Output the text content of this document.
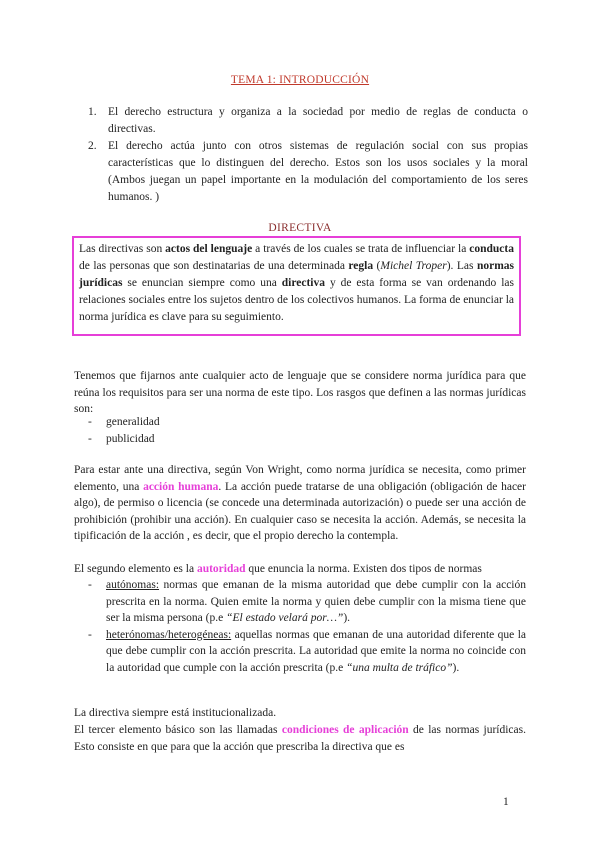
TEMA 1: INTRODUCCIÓN
1. El derecho estructura y organiza a la sociedad por medio de reglas de conducta o directivas.
2. El derecho actúa junto con otros sistemas de regulación social con sus propias características que lo distinguen del derecho. Estos son los usos sociales y la moral (Ambos juegan un papel importante en la modulación del comportamiento de los seres humanos. )
DIRECTIVA
Las directivas son actos del lenguaje a través de los cuales se trata de influenciar la conducta de las personas que son destinatarias de una determinada regla (Michel Troper). Las normas jurídicas se enuncian siempre como una directiva y de esta forma se van ordenando las relaciones sociales entre los sujetos dentro de los colectivos humanos. La forma de enunciar la norma jurídica es clave para su seguimiento.

Tenemos que fijarnos ante cualquier acto de lenguaje que se considere norma jurídica para que reúna los requisitos para ser una norma de este tipo. Los rasgos que definen a las normas jurídicas son:

- generalidad
- publicidad

Para estar ante una directiva, según Von Wright, como norma jurídica se necesita, como primer elemento, una acción humana. La acción puede tratarse de una obligación (obligación de hacer algo), de permiso o licencia (se concede una determinada autorización) o puede ser una acción de prohibición (prohibir una acción). En cualquier caso se necesita la acción. Además, se necesita la tipificación de la acción , es decir, que el propio derecho la contempla.

El segundo elemento es la autoridad que enuncia la norma. Existen dos tipos de normas

- autónomas: normas que emanan de la misma autoridad que debe cumplir con la acción prescrita en la norma. Quien emite la norma y quien debe cumplir con la misma tiene que ser la misma persona (p.e “El estado velará por…”).
- heterónomas/heterogéneas: aquellas normas que emanan de una autoridad diferente que la que debe cumplir con la acción prescrita. La autoridad que emite la norma no coincide con la autoridad que cumple con la acción prescrita (p.e “una multa de tráfico”).

La directiva siempre está institucionalizada.

El tercer elemento básico son las llamadas condiciones de aplicación de las normas jurídicas. Esto consiste en que para que la acción que prescriba la directiva que es

1
